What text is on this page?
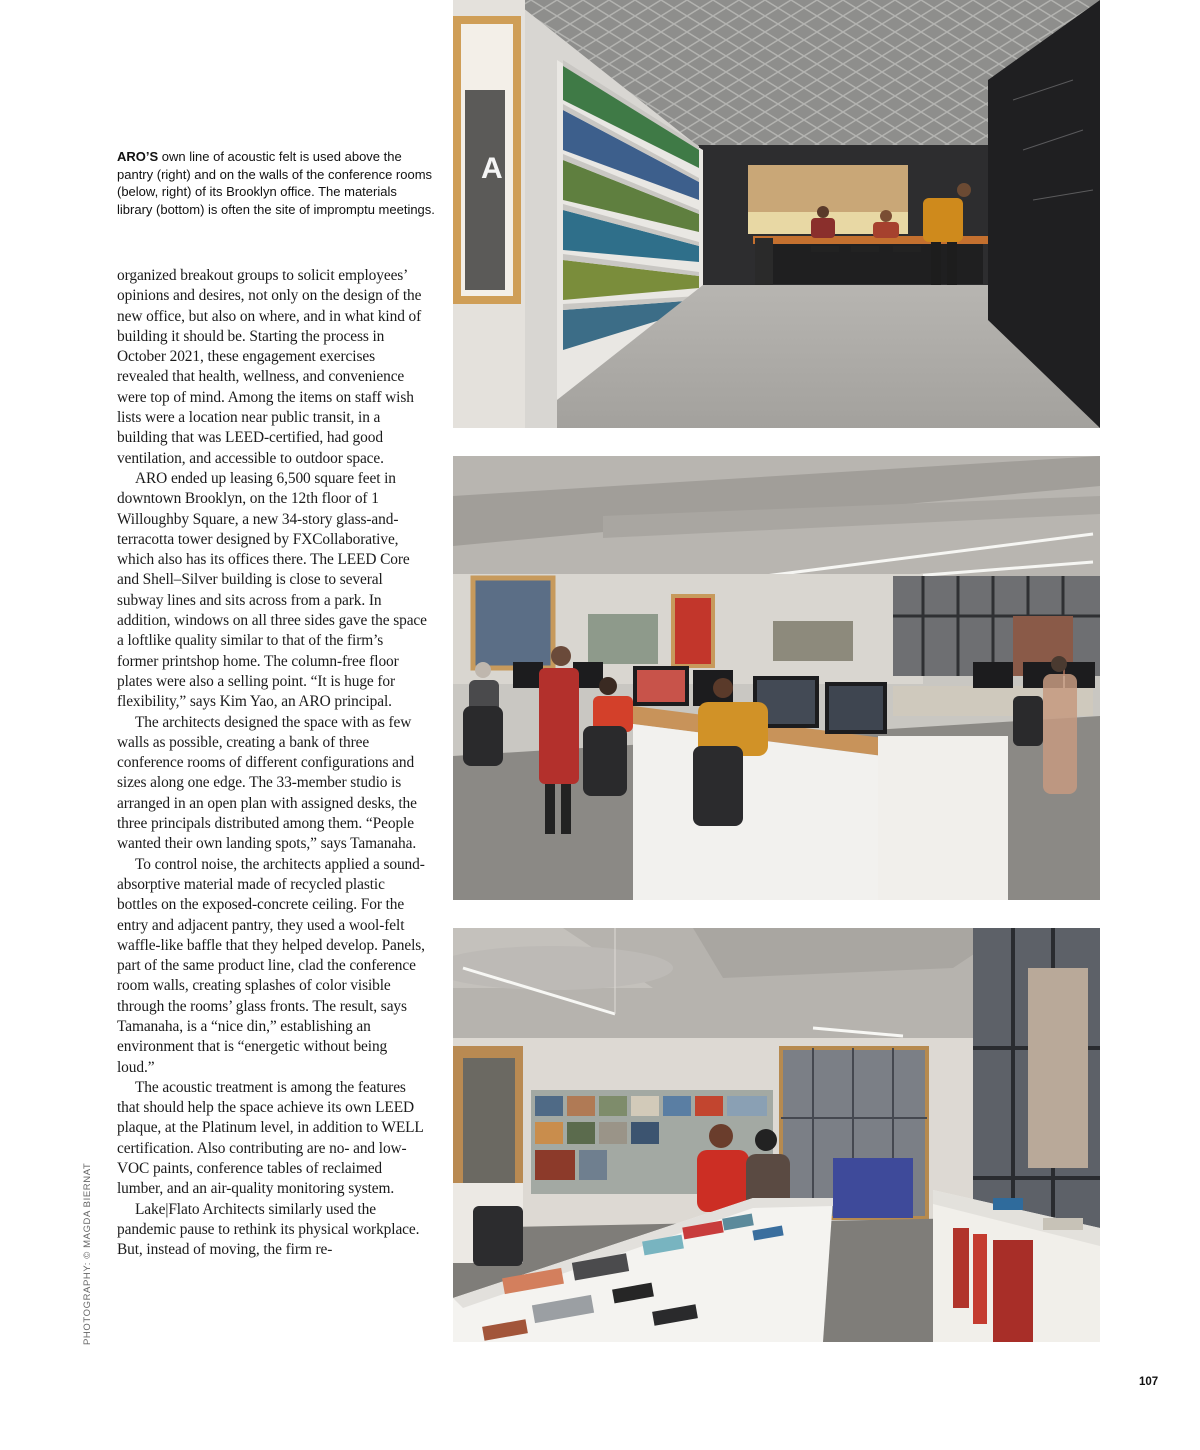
ARO’S own line of acoustic felt is used above the pantry (right) and on the walls of the conference rooms (below, right) of its Brooklyn office. The materials library (bottom) is often the site of impromptu meetings.

organized breakout groups to solicit employees’ opinions and desires, not only on the design of the new office, but also on where, and in what kind of building it should be. Starting the process in October 2021, these engagement exercises revealed that health, wellness, and convenience were top of mind. Among the items on staff wish lists were a location near public transit, in a building that was LEED-certified, had good ventilation, and accessible to outdoor space.

ARO ended up leasing 6,500 square feet in downtown Brooklyn, on the 12th floor of 1 Willoughby Square, a new 34-story glass-and-terracotta tower designed by FXCollaborative, which also has its offices there. The LEED Core and Shell–Silver building is close to several subway lines and sits across from a park. In addition, windows on all three sides gave the space a loftlike quality similar to that of the firm’s former printshop home. The column-free floor plates were also a selling point. “It is huge for flexibility,” says Kim Yao, an ARO principal.

The architects designed the space with as few walls as possible, creating a bank of three conference rooms of different configurations and sizes along one edge. The 33-member studio is arranged in an open plan with assigned desks, the three principals distributed among them. “People wanted their own landing spots,” says Tamanaha.

To control noise, the architects applied a sound-absorptive material made of recycled plastic bottles on the exposed-concrete ceiling. For the entry and adjacent pantry, they used a wool-felt waffle-like baffle that they helped develop. Panels, part of the same product line, clad the conference room walls, creating splashes of color visible through the rooms’ glass fronts. The result, says Tamanaha, is a “nice din,” establishing an environment that is “energetic without being loud.”

The acoustic treatment is among the features that should help the space achieve its own LEED plaque, at the Platinum level, in addition to WELL certification. Also contributing are no- and low-VOC paints, conference tables of reclaimed lumber, and an air-quality monitoring system.

Lake|Flato Architects similarly used the pandemic pause to rethink its physical workplace. But, instead of moving, the firm re-

PHOTOGRAPHY: © MAGDA BIERNAT
107
A
